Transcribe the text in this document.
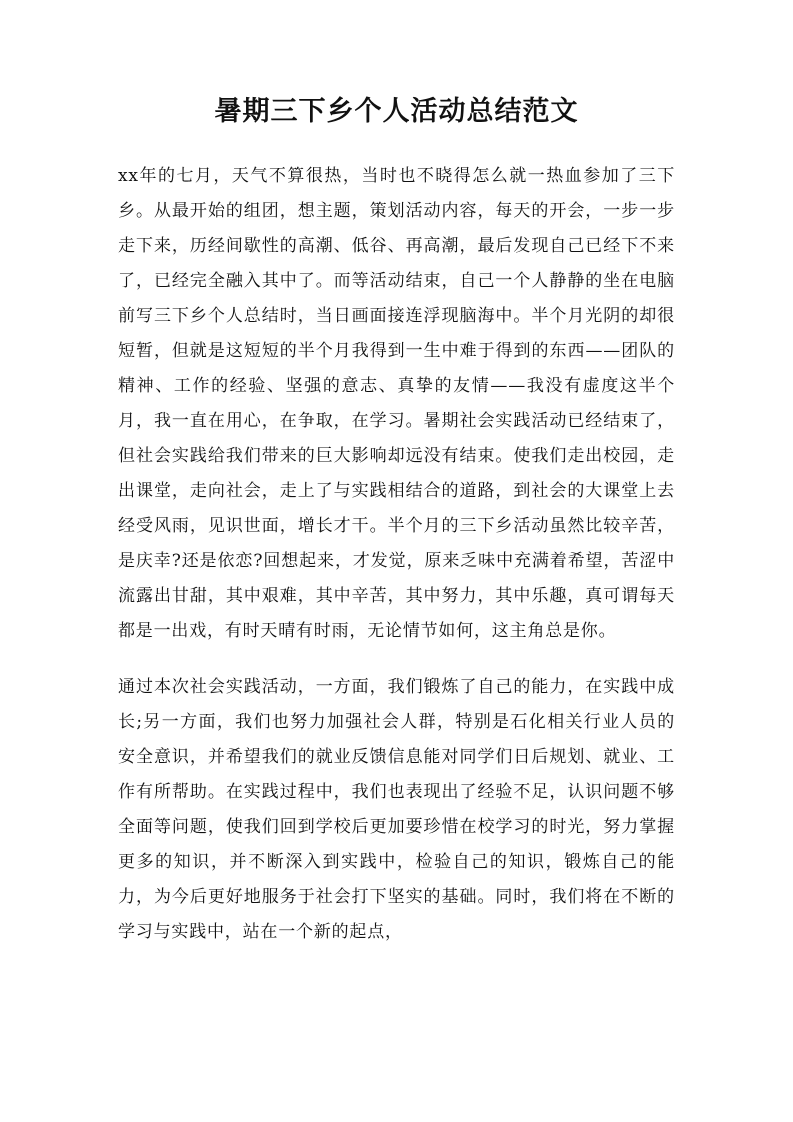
暑期三下乡个人活动总结范文

xx年的七月，天气不算很热，当时也不晓得怎么就一热血参加了三下乡。从最开始的组团，想主题，策划活动内容，每天的开会，一步一步走下来，历经间歇性的高潮、低谷、再高潮，最后发现自己已经下不来了，已经完全融入其中了。而等活动结束，自己一个人静静的坐在电脑前写三下乡个人总结时，当日画面接连浮现脑海中。半个月光阴的却很短暂，但就是这短短的半个月我得到一生中难于得到的东西——团队的精神、工作的经验、坚强的意志、真挚的友情——我没有虚度这半个月，我一直在用心，在争取，在学习。暑期社会实践活动已经结束了，但社会实践给我们带来的巨大影响却远没有结束。使我们走出校园，走出课堂，走向社会，走上了与实践相结合的道路，到社会的大课堂上去经受风雨，见识世面，增长才干。半个月的三下乡活动虽然比较辛苦，是庆幸?还是依恋?回想起来，才发觉，原来乏味中充满着希望，苦涩中流露出甘甜，其中艰难，其中辛苦，其中努力，其中乐趣，真可谓每天都是一出戏，有时天晴有时雨，无论情节如何，这主角总是你。

通过本次社会实践活动，一方面，我们锻炼了自己的能力，在实践中成长;另一方面，我们也努力加强社会人群，特别是石化相关行业人员的安全意识，并希望我们的就业反馈信息能对同学们日后规划、就业、工作有所帮助。在实践过程中，我们也表现出了经验不足，认识问题不够全面等问题，使我们回到学校后更加要珍惜在校学习的时光，努力掌握更多的知识，并不断深入到实践中，检验自己的知识，锻炼自己的能力，为今后更好地服务于社会打下坚实的基础。同时，我们将在不断的学习与实践中，站在一个新的起点，
